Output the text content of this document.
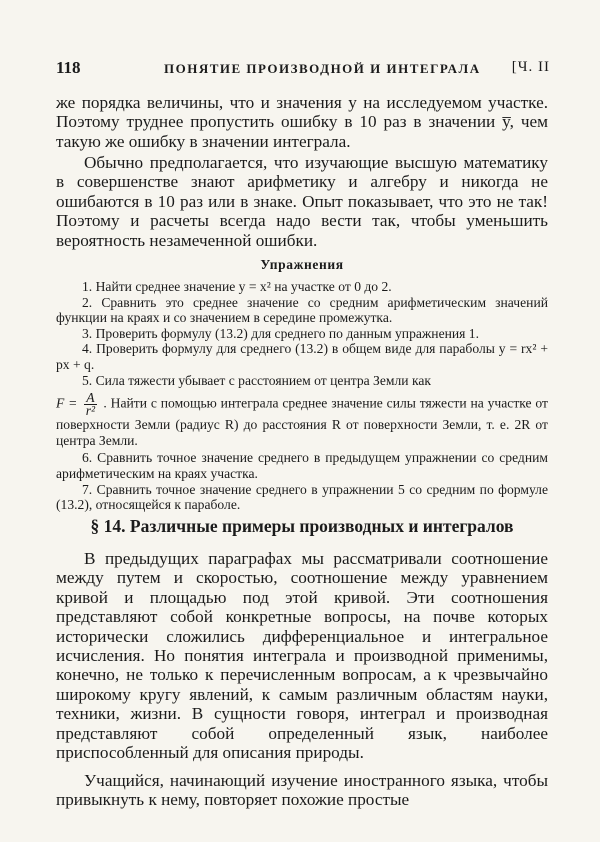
118	ПОНЯТИЕ ПРОИЗВОДНОЙ И ИНТЕГРАЛА [Ч. II

же порядка величины, что и значения y на исследуемом участке. Поэтому труднее пропустить ошибку в 10 раз в значении y̅, чем такую же ошибку в значении интеграла.

Обычно предполагается, что изучающие высшую математику в совершенстве знают арифметику и алгебру и никогда не ошибаются в 10 раз или в знаке. Опыт показывает, что это не так! Поэтому и расчеты всегда надо вести так, чтобы уменьшить вероятность незамеченной ошибки.

Упражнения

1. Найти среднее значение y = x² на участке от 0 до 2.

2. Сравнить это среднее значение со средним арифметическим значений функции на краях и со значением в середине промежутка.

3. Проверить формулу (13.2) для среднего по данным упражнения 1.

4. Проверить формулу для среднего (13.2) в общем виде для параболы y = rx² + px + q.

5. Сила тяжести убывает с расстоянием от центра Земли как

$F = \frac{A}{\text{r²}}$ . Найти с помощью интеграла среднее значение силы тяжести на участке от поверхности Земли (радиус R) до расстояния R от поверхности Земли, т. е. 2R от центра Земли.

6. Сравнить точное значение среднего в предыдущем упражнении со средним арифметическим на краях участка.

7. Сравнить точное значение среднего в упражнении 5 со средним по формуле (13.2), относящейся к параболе.

§ 14. Различные примеры производных и интегралов

В предыдущих параграфах мы рассматривали соотношение между путем и скоростью, соотношение между уравнением кривой и площадью под этой кривой. Эти соотношения представляют собой конкретные вопросы, на почве которых исторически сложились дифференциальное и интегральное исчисления. Но понятия интеграла и производной применимы, конечно, не только к перечисленным вопросам, а к чрезвычайно широкому кругу явлений, к самым различным областям науки, техники, жизни. В сущности говоря, интеграл и производная представляют собой определенный язык, наиболее приспособленный для описания природы.

Учащийся, начинающий изучение иностранного языка, чтобы привыкнуть к нему, повторяет похожие простые
